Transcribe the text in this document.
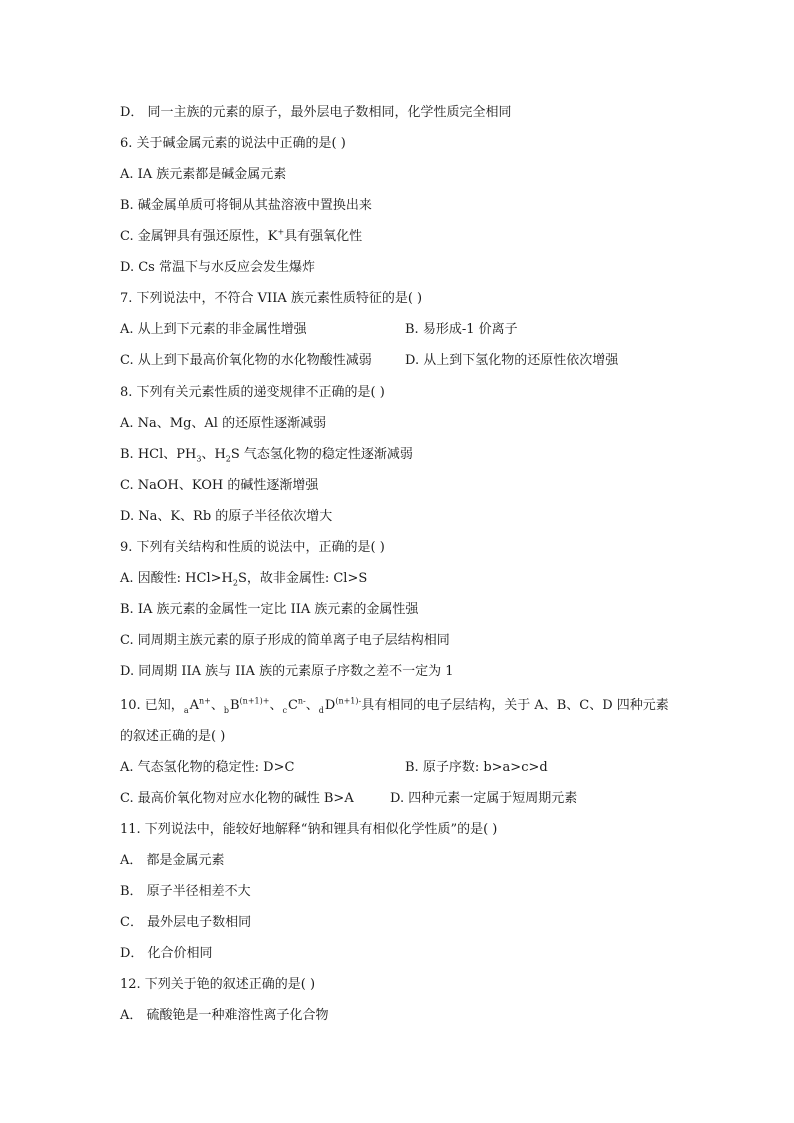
D． 同一主族的元素的原子，最外层电子数相同，化学性质完全相同
6. 关于碱金属元素的说法中正确的是( )
A. IA 族元素都是碱金属元素
B. 碱金属单质可将铜从其盐溶液中置换出来
C. 金属钾具有强还原性，K+具有强氧化性
D. Cs 常温下与水反应会发生爆炸
7. 下列说法中，不符合 VIIA 族元素性质特征的是( )
A. 从上到下元素的非金属性增强	B. 易形成-1 价离子
C. 从上到下最高价氧化物的水化物酸性减弱	D. 从上到下氢化物的还原性依次增强
8. 下列有关元素性质的递变规律不正确的是( )
A. Na、Mg、Al 的还原性逐渐减弱
B. HCl、$PH_3$、$H_2S$ 气态氢化物的稳定性逐渐减弱
C. NaOH、KOH 的碱性逐渐增强
D. Na、K、Rb 的原子半径依次增大
9. 下列有关结构和性质的说法中，正确的是( )
A. 因酸性: $HCl>H_2S$，故非金属性: Cl>S
B. IA 族元素的金属性一定比 IIA 族元素的金属性强
C. 同周期主族元素的原子形成的简单离子电子层结构相同
D. 同周期 IIA 族与 IIA 族的元素原子序数之差不一定为 1
10. 已知，$_aA^{n+}$、$_bB^{(n+1)+}$、$_cC^{n-}$、$_dD^{(n+1)-}$具有相同的电子层结构，关于 A、B、C、D 四种元素
的叙述正确的是( )
A. 气态氢化物的稳定性: D>C	B. 原子序数: b>a>c>d
C. 最高价氧化物对应水化物的碱性 B>A	D. 四种元素一定属于短周期元素
11. 下列说法中，能较好地解释“钠和锂具有相似化学性质”的是( )
A． 都是金属元素
B． 原子半径相差不大
C． 最外层电子数相同
D． 化合价相同
12. 下列关于铯的叙述正确的是( )
A． 硫酸铯是一种难溶性离子化合物
